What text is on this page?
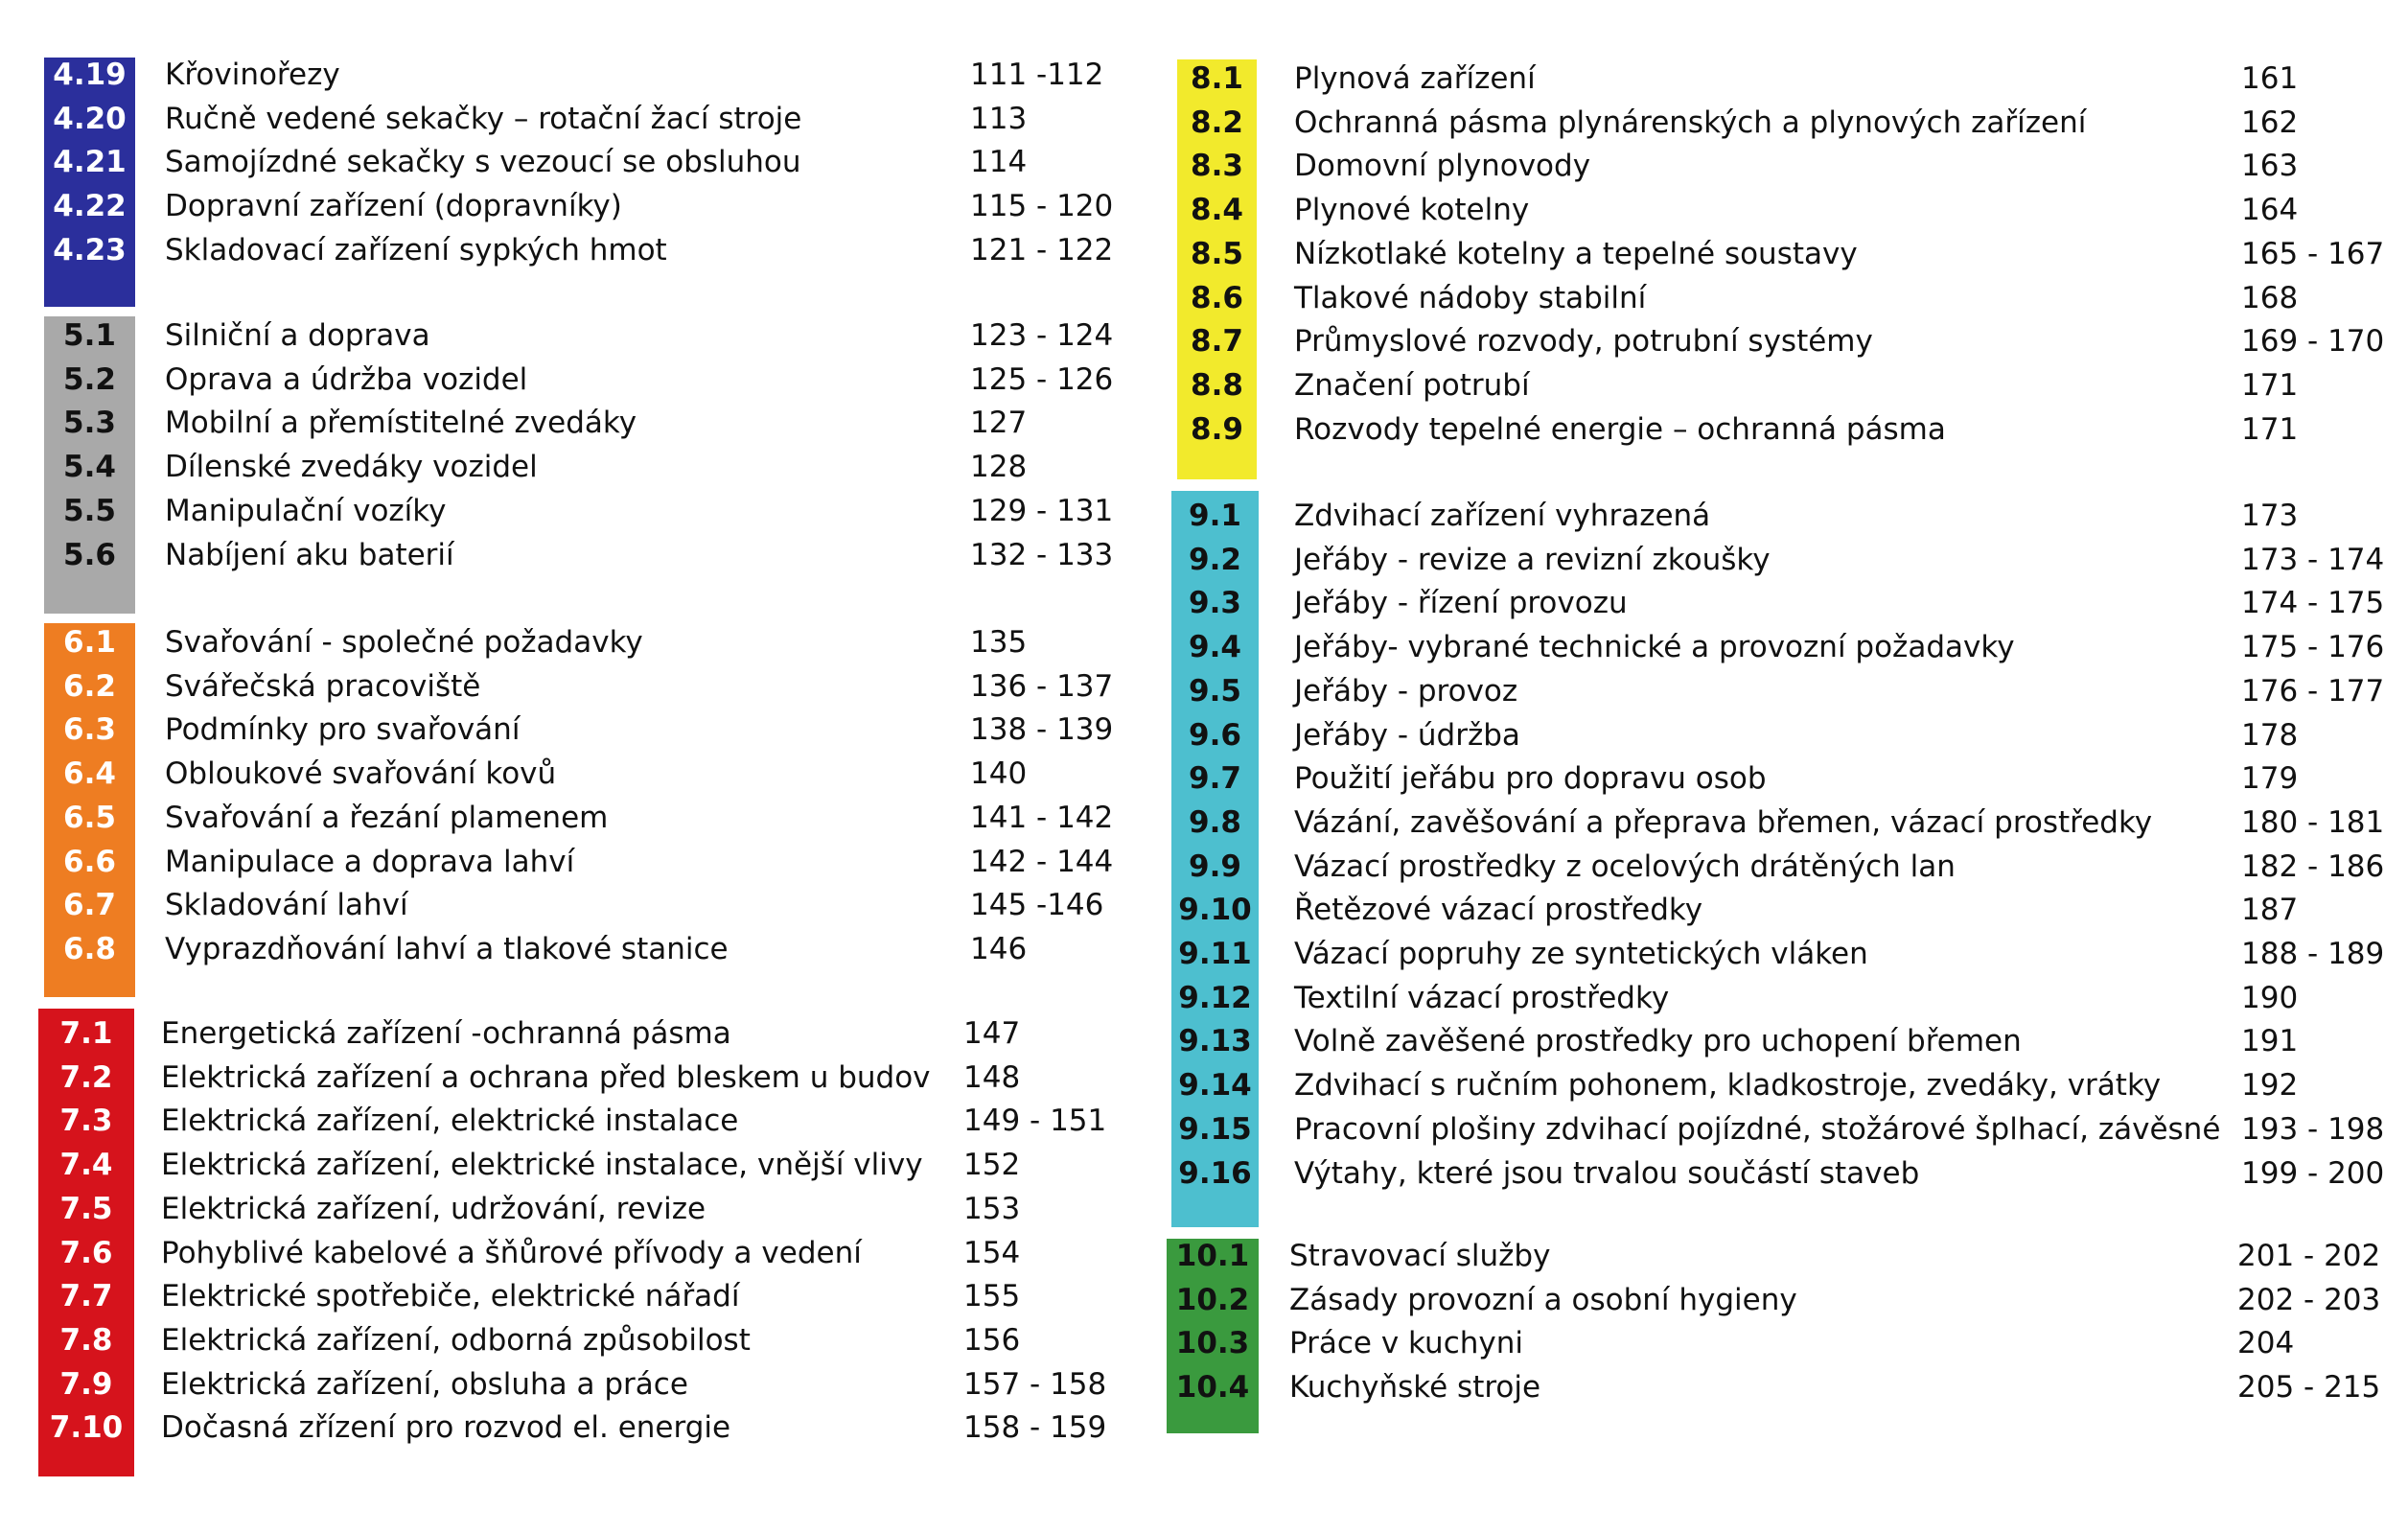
4.19 Křovinořezy	111 -112
4.20 Ručně vedené sekačky – rotační žací stroje	113
4.21 Samojízdné sekačky s vezoucí se obsluhou	114
4.22 Dopravní zařízení (dopravníky)	115 - 120
4.23 Skladovací zařízení sypkých hmot	121 - 122
5.1	Silniční a doprava	123 - 124
5.2	Oprava a údržba vozidel	125 - 126
5.3	Mobilní a přemístitelné zvedáky	127
5.4	Dílenské zvedáky vozidel	128
5.5	Manipulační vozíky	129 - 131
5.6	Nabíjení aku baterií	132 - 133
6.1	Svařování - společné požadavky	135
6.2	Svářečská pracoviště	136 - 137
6.3	Podmínky pro svařování	138 - 139
6.4	Obloukové svařování kovů	140
6.5	Svařování a řezání plamenem	141 - 142
6.6	Manipulace a doprava lahví	142 - 144
6.7	Skladování lahví	145 -146
6.8	Vyprazdňování lahví a tlakové stanice	146
7.1	Energetická zařízení -ochranná pásma	147
7.2	Elektrická zařízení a ochrana před bleskem u budov 148
7.3	Elektrická zařízení, elektrické instalace	149 - 151
7.4	Elektrická zařízení, elektrické instalace, vnější vlivy 152
7.5	Elektrická zařízení, udržování, revize	153
7.6	Pohyblivé kabelové a šňůrové přívody a vedení	154
7.7	Elektrické spotřebiče, elektrické nářadí	155
7.8	Elektrická zařízení, odborná způsobilost	156
7.9	Elektrická zařízení, obsluha a práce	157 - 158
7.10	Dočasná zřízení pro rozvod el. energie	158 - 159
8.1	Plynová zařízení	161
8.2	Ochranná pásma plynárenských a plynových zařízení	162
8.3	Domovní plynovody	163
8.4	Plynové kotelny	164
8.5	Nízkotlaké kotelny a tepelné soustavy	165 - 167
8.6	Tlakové nádoby stabilní	168
8.7	Průmyslové rozvody, potrubní systémy	169 - 170
8.8	Značení potrubí	171
8.9	Rozvody tepelné energie – ochranná pásma	171
9.1	Zdvihací zařízení vyhrazená	173
9.2	Jeřáby - revize a revizní zkoušky	173 - 174
9.3	Jeřáby - řízení provozu	174 - 175
9.4	Jeřáby- vybrané technické a provozní požadavky	175 - 176
9.5	Jeřáby - provoz	176 - 177
9.6	Jeřáby - údržba	178
9.7	Použití jeřábu pro dopravu osob	179
9.8	Vázání, zavěšování a přeprava břemen, vázací prostředky	180 - 181
9.9	Vázací prostředky z ocelových drátěných lan	182 - 186
9.10 Řetězové vázací prostředky	187
9.11 Vázací popruhy ze syntetických vláken	188 - 189
9.12 Textilní vázací prostředky	190
9.13 Volně zavěšené prostředky pro uchopení břemen	191
9.14 Zdvihací s ručním pohonem, kladkostroje, zvedáky, vrátky	192
9.15 Pracovní plošiny zdvihací pojízdné, stožárové šplhací, závěsné 193 - 198
9.16 Výtahy, které jsou trvalou součástí staveb	199 - 200
10.1	Stravovací služby	201 - 202
10.2	Zásady provozní a osobní hygieny	202 - 203
10.3	Práce v kuchyni	204
10.4	Kuchyňské stroje	205 - 215
